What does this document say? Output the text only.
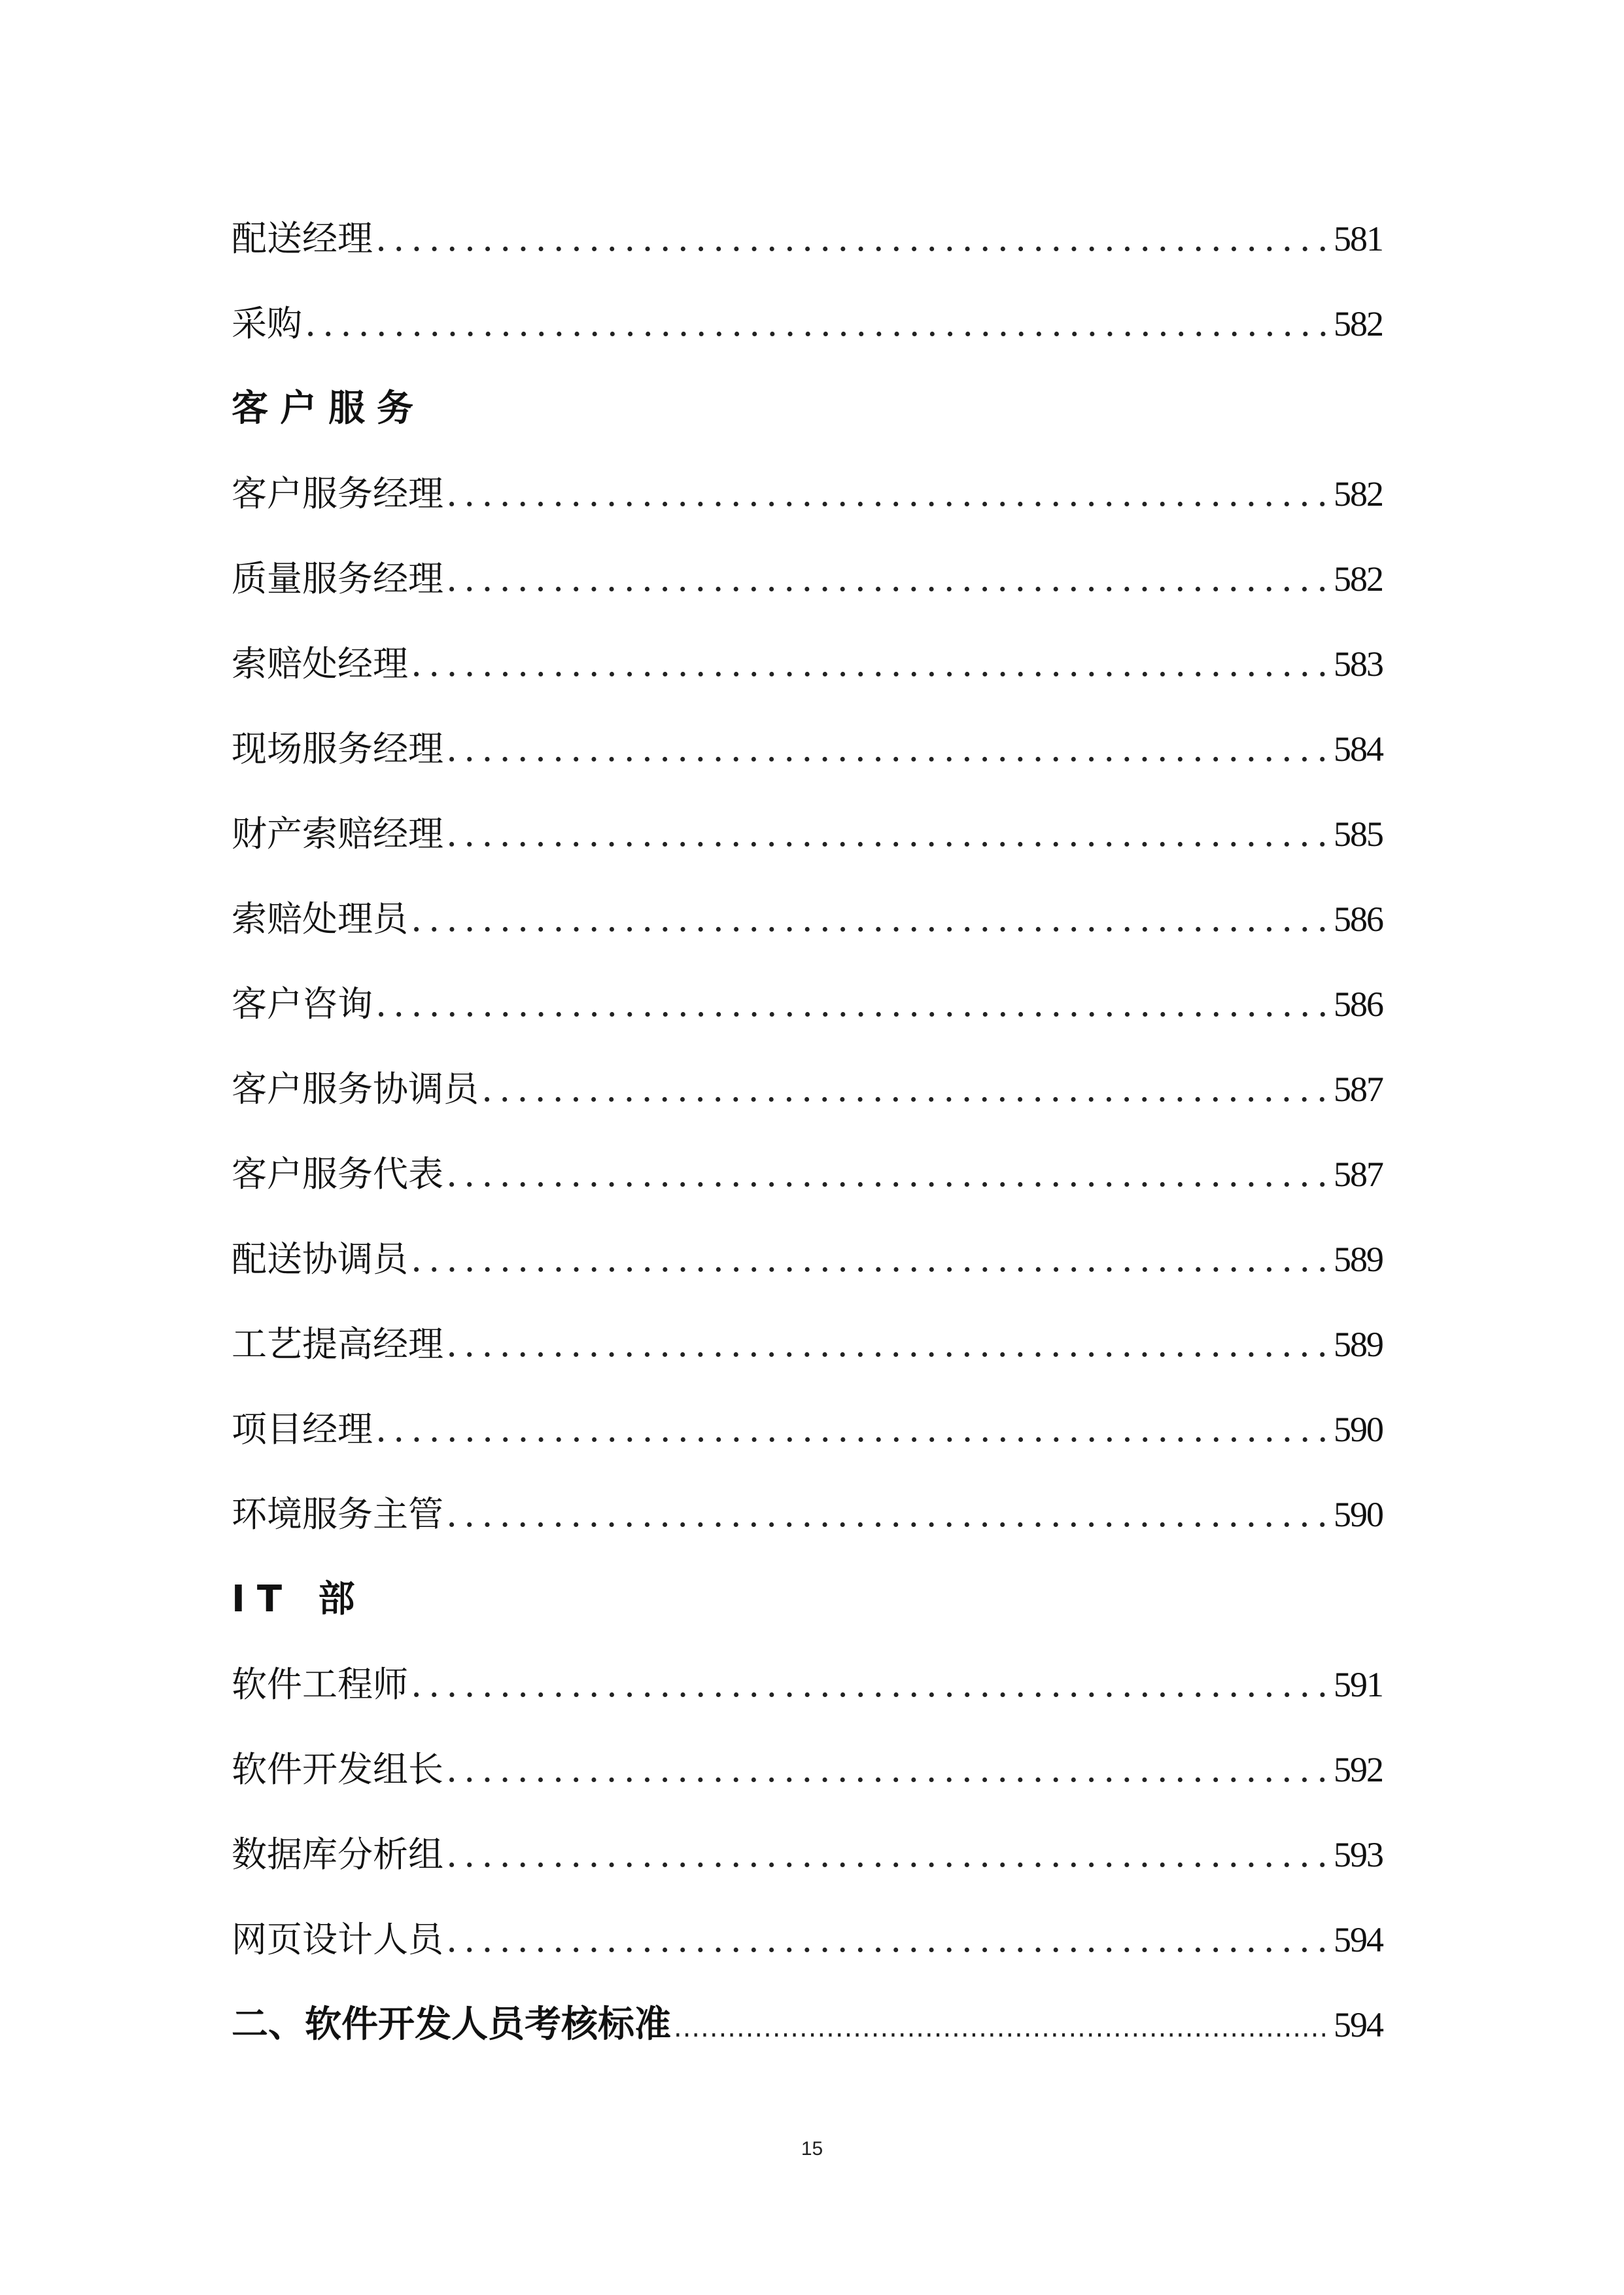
配送经理 .....	581
采购 .....	582
客户服务
客户服务经理 .....	582
质量服务经理 .....	582
索赔处经理 .....	583
现场服务经理 .....	584
财产索赔经理 .....	585
索赔处理员 .....	586
客户咨询 .....	586
客户服务协调员 .....	587
客户服务代表 .....	587
配送协调员 .....	589
工艺提高经理 .....	589
项目经理 .....	590
环境服务主管 .....	590
IT 部
软件工程师 .....	591
软件开发组长 .....	592
数据库分析组 .....	593
网页设计人员 .....	594
二、软件开发人员考核标准 .....	594
15
